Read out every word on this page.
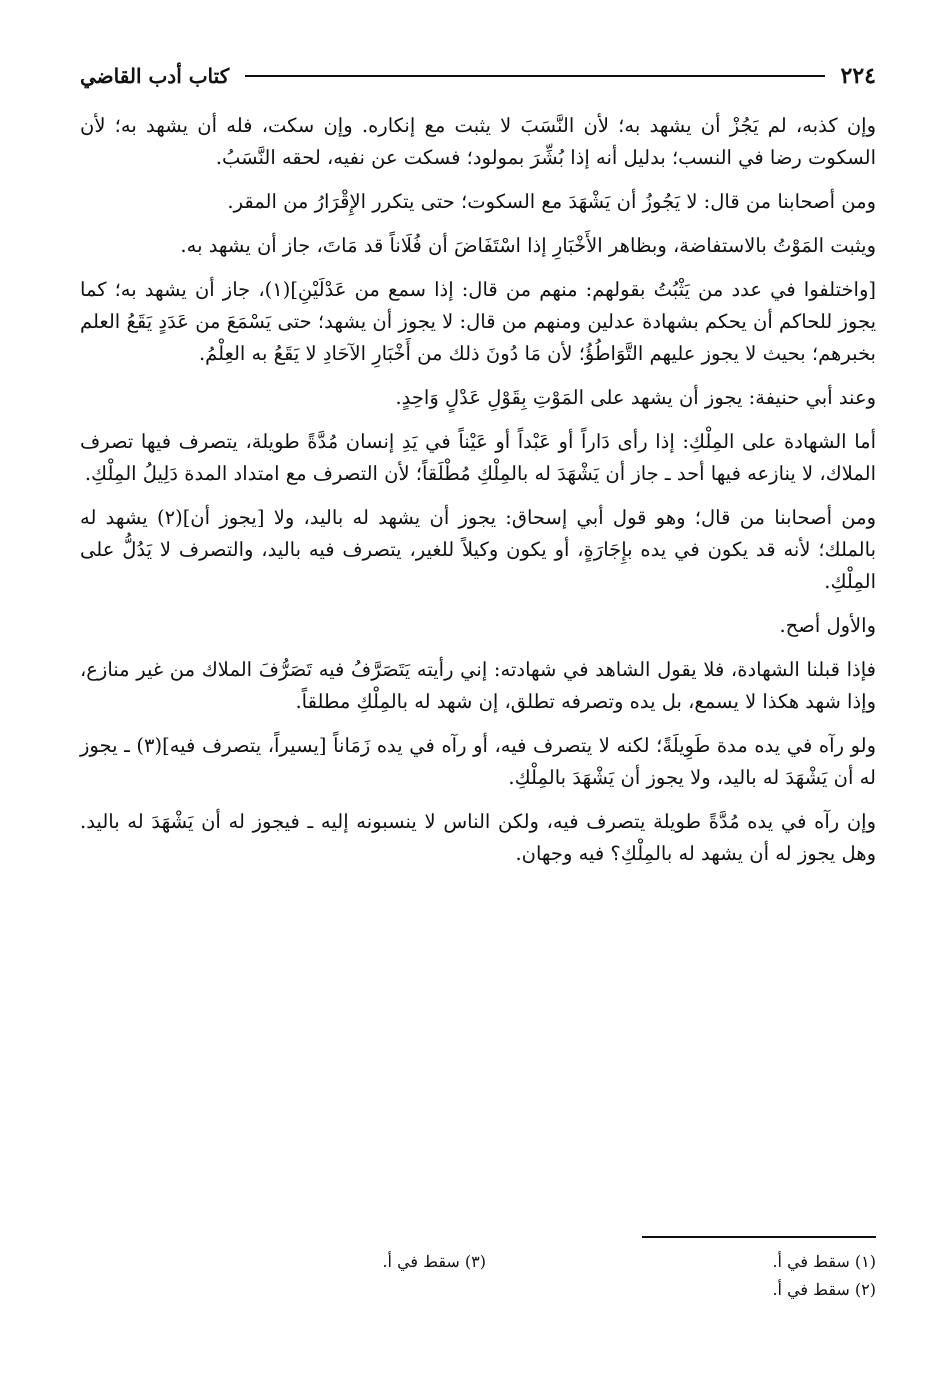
٢٢٤
كتاب أدب القاضي

وإن كذبه، لم يَجُزْ أن يشهد به؛ لأن النَّسَبَ لا يثبت مع إنكاره. وإن سكت، فله أن يشهد به؛ لأن السكوت رضا في النسب؛ بدليل أنه إذا بُشِّرَ بمولود؛ فسكت عن نفيه، لحقه النَّسَبُ.

ومن أصحابنا من قال: لا يَجُوزُ أن يَشْهَدَ مع السكوت؛ حتى يتكرر الإِقْرَارُ من المقر.

ويثبت المَوْتُ بالاستفاضة، وبظاهر الأَخْبَارِ إذا اسْتَفَاضَ أن فُلَاناً قد مَاتَ، جاز أن يشهد به.

[واختلفوا في عدد من يَثْبُتُ بقولهم: منهم من قال: إذا سمع من عَدْلَيْنِ](١)، جاز أن يشهد به؛ كما يجوز للحاكم أن يحكم بشهادة عدلين ومنهم من قال: لا يجوز أن يشهد؛ حتى يَسْمَعَ من عَدَدٍ يَقَعُ العلم بخبرهم؛ بحيث لا يجوز عليهم التَّوَاطُؤُ؛ لأن مَا دُونَ ذلك من أَخْبَارِ الآحَادِ لا يَقَعُ به العِلْمُ.

وعند أبي حنيفة: يجوز أن يشهد على المَوْتِ بِقَوْلِ عَدْلٍ وَاحِدٍ.

أما الشهادة على المِلْكِ: إذا رأى دَاراً أو عَبْداً أو عَيْناً في يَدِ إنسان مُدَّةً طويلة، يتصرف فيها تصرف الملاك، لا ينازعه فيها أحد ـ جاز أن يَشْهَدَ له بالمِلْكِ مُطْلَقاً؛ لأن التصرف مع امتداد المدة دَلِيلُ المِلْكِ.

ومن أصحابنا من قال؛ وهو قول أبي إسحاق: يجوز أن يشهد له باليد، ولا [يجوز أن](٢) يشهد له بالملك؛ لأنه قد يكون في يده بإِجَارَةٍ، أو يكون وكيلاً للغير، يتصرف فيه باليد، والتصرف لا يَدُلُّ على المِلْكِ.

والأول أصح.

فإذا قبلنا الشهادة، فلا يقول الشاهد في شهادته: إني رأيته يَتَصَرَّفُ فيه تَصَرُّفَ الملاك من غير منازع، وإذا شهد هكذا لا يسمع، بل يده وتصرفه تطلق، إن شهد له بالمِلْكِ مطلقاً.

ولو رآه في يده مدة طَوِيلَةً؛ لكنه لا يتصرف فيه، أو رآه في يده زَمَاناً [يسيراً، يتصرف فيه](٣) ـ يجوز له أن يَشْهَدَ له باليد، ولا يجوز أن يَشْهَدَ بالمِلْكِ.

وإن رآه في يده مُدَّةً طويلة يتصرف فيه، ولكن الناس لا ينسبونه إليه ـ فيجوز له أن يَشْهَدَ له باليد. وهل يجوز له أن يشهد له بالمِلْكِ؟ فيه وجهان.

(١) سقط في أ.
(٣) سقط في أ.
(٢) سقط في أ.
